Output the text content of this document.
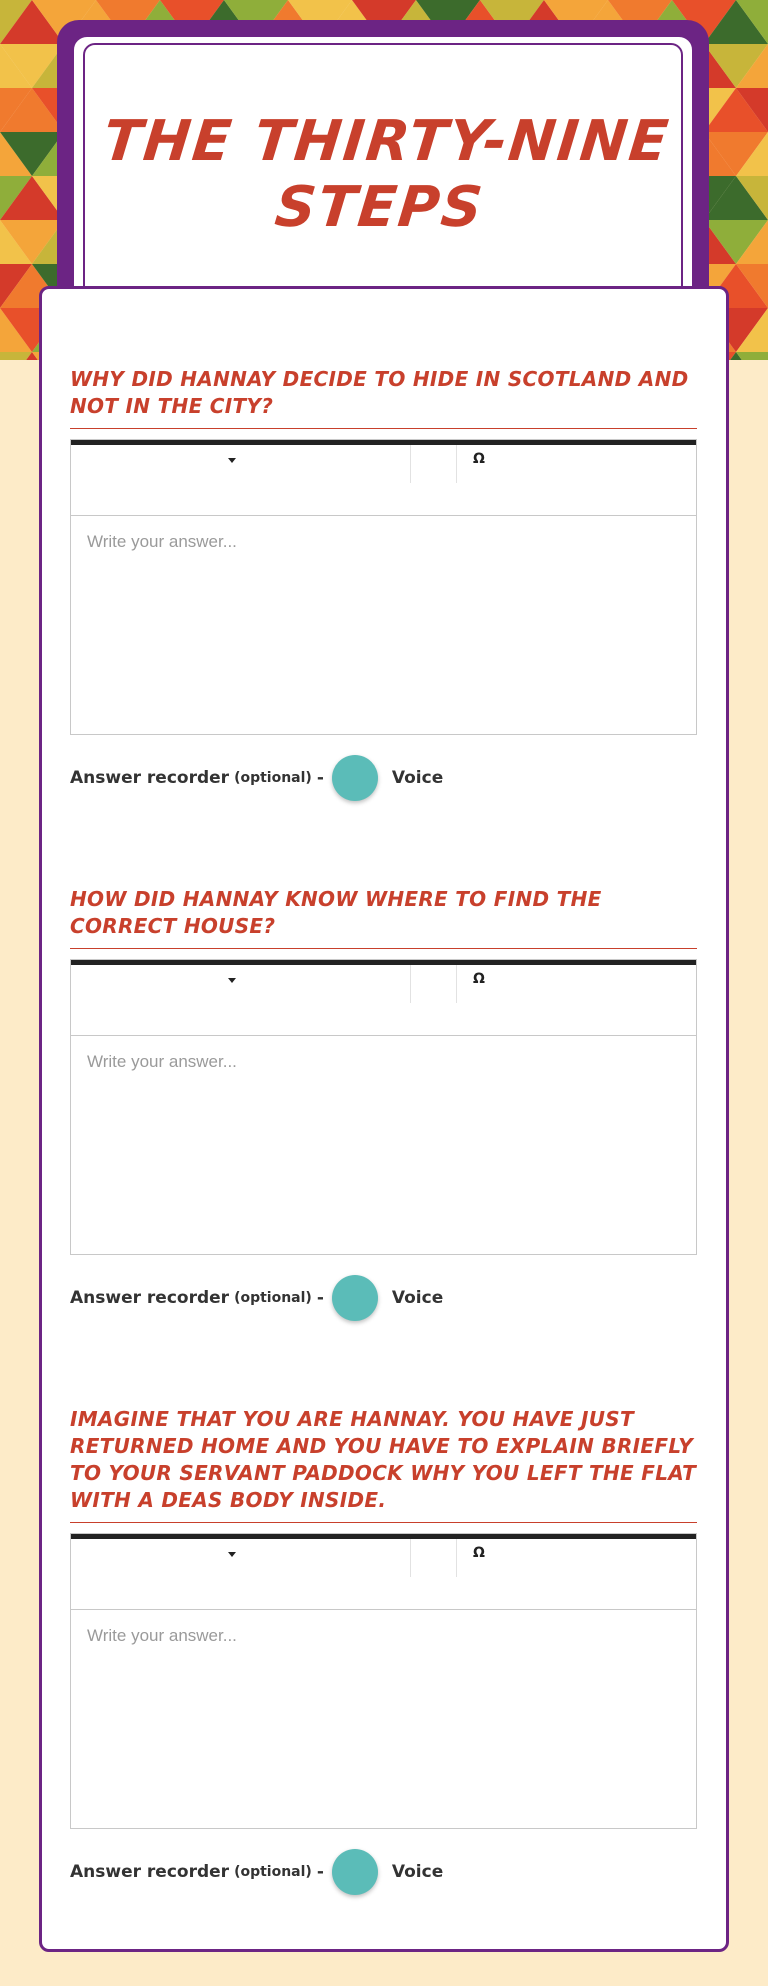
THE THIRTY-NINE STEPS
WHY DID HANNAY DECIDE TO HIDE IN SCOTLAND AND NOT IN THE CITY?
Ω
Write your answer...
Answer recorder (optional) -	Voice
HOW DID HANNAY KNOW WHERE TO FIND THE CORRECT HOUSE?
Ω
Write your answer...
Answer recorder (optional) -	Voice
IMAGINE THAT YOU ARE HANNAY. YOU HAVE JUST RETURNED HOME AND YOU HAVE TO EXPLAIN BRIEFLY TO YOUR SERVANT PADDOCK WHY YOU LEFT THE FLAT WITH A DEAS BODY INSIDE.
Ω
Write your answer...
Answer recorder (optional) -	Voice
